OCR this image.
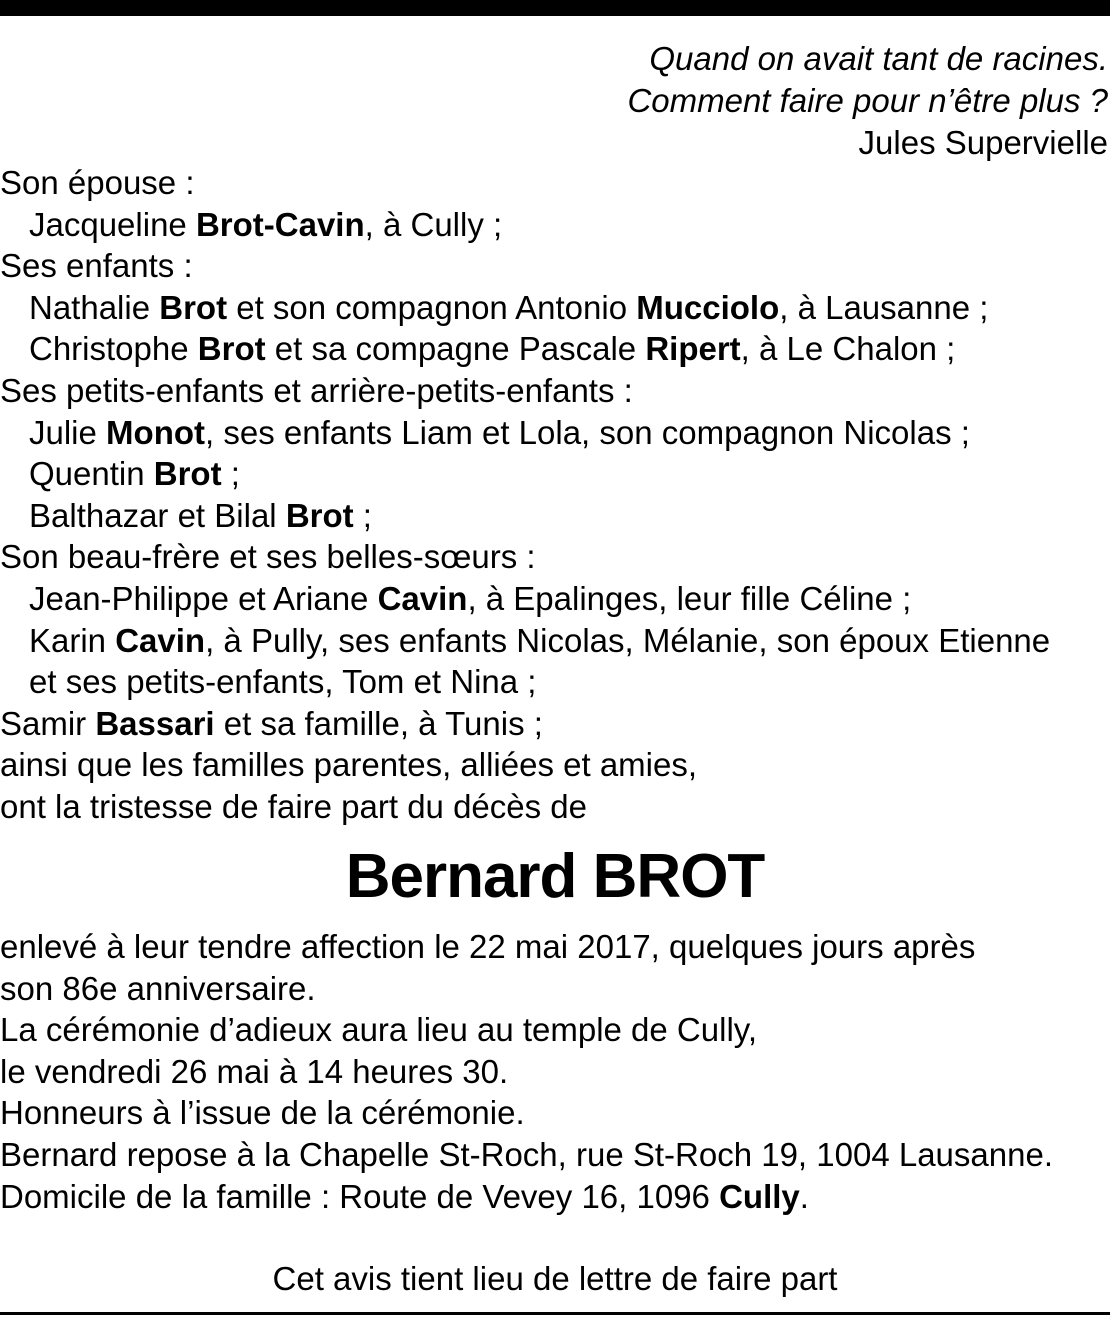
Quand on avait tant de racines.
Comment faire pour n’être plus ?
Jules Supervielle
Son épouse :
Jacqueline Brot-Cavin, à Cully ;
Ses enfants :
Nathalie Brot et son compagnon Antonio Mucciolo, à Lausanne ;
Christophe Brot et sa compagne Pascale Ripert, à Le Chalon ;
Ses petits-enfants et arrière-petits-enfants :
Julie Monot, ses enfants Liam et Lola, son compagnon Nicolas ;
Quentin Brot ;
Balthazar et Bilal Brot ;
Son beau-frère et ses belles-sœurs :
Jean-Philippe et Ariane Cavin, à Epalinges, leur fille Céline ;
Karin Cavin, à Pully, ses enfants Nicolas, Mélanie, son époux Etienne
et ses petits-enfants, Tom et Nina ;
Samir Bassari et sa famille, à Tunis ;
ainsi que les familles parentes, alliées et amies,
ont la tristesse de faire part du décès de
Bernard BROT
enlevé à leur tendre affection le 22 mai 2017, quelques jours après
son 86e anniversaire.
La cérémonie d’adieux aura lieu au temple de Cully,
le vendredi 26 mai à 14 heures 30.
Honneurs à l’issue de la cérémonie.
Bernard repose à la Chapelle St-Roch, rue St-Roch 19, 1004 Lausanne.
Domicile de la famille : Route de Vevey 16, 1096 Cully.
Cet avis tient lieu de lettre de faire part
